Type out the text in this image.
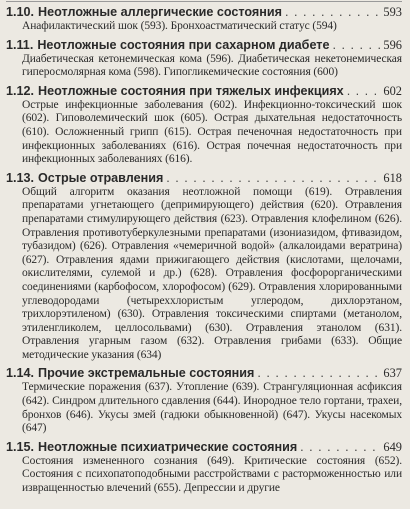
1.10. Неотложные аллергические состояния . . .	593
Анафилактический шок (593). Бронхоастматический статус (594)
1.11. Неотложные состояния при сахарном диабете . . .	596
Диабетическая кетонемическая кома (596). Диабетическая некетонемическая гиперосмолярная кома (598). Гипогликемические состояния (600)
1.12. Неотложные состояния при тяжелых инфекциях . . .	602
Острые инфекционные заболевания (602). Инфекционно-токсический шок (602). Гиповолемический шок (605). Острая дыхательная недостаточность (610). Осложненный грипп (615). Острая печеночная недостаточность при инфекционных заболеваниях (616). Острая почечная недостаточность при инфекционных заболеваниях (616).
1.13. Острые отравления . . .	618
Общий алгоритм оказания неотложной помощи (619). Отравления препаратами угнетающего (депримирующего) действия (620). Отравления препаратами стимулирующего действия (623). Отравления клофелином (626). Отравления противотуберкулезными препаратами (изониазидом, фтивазидом, тубазидом) (626). Отравления «чемеричной водой» (алкалоидами вератрина) (627). Отравления ядами прижигающего действия (кислотами, щелочами, окислителями, сулемой и др.) (628). Отравления фосфорорганическими соединениями (карбофосом, хлорофосом) (629). Отравления хлорированными углеводородами (четыреххлористым углеродом, дихлорэтаном, трихлорэтиленом) (630). Отравления токсическими спиртами (метанолом, этиленгликолем, целлосольвами) (630). Отравления этанолом (631). Отравления угарным газом (632). Отравления грибами (633). Общие методические указания (634)
1.14. Прочие экстремальные состояния . . .	637
Термические поражения (637). Утопление (639). Странгуляционная асфиксия (642). Синдром длительного сдавления (644). Инородное тело гортани, трахеи, бронхов (646). Укусы змей (гадюки обыкновенной) (647). Укусы насекомых (647)
1.15. Неотложные психиатрические состояния . . .	649
Состояния измененного сознания (649). Критические состояния (652). Состояния с психопатоподобными расстройствами с расторможенностью или извращенностью влечений (655). Депрессии и другие
